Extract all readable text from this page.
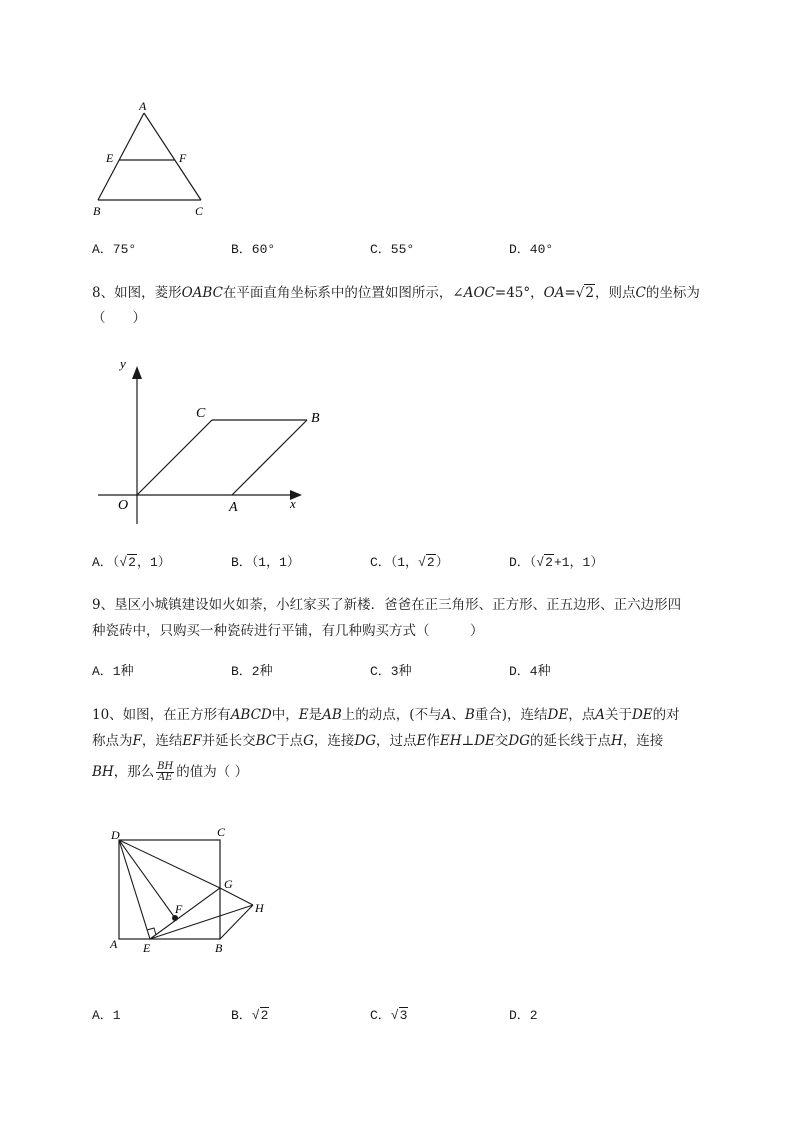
A
E	F
B	C
A．75°	B．60°	C．55°	D．40°
8、如图，菱形OABC在平面直角坐标系中的位置如图所示，∠AOC=45°，OA=√2，则点C的坐标为
（　　）
y
C	B
O	A	x
A．（√2，1）	B．（1，1）	C．（1，√2）	D．（√2+1，1）
9、垦区小城镇建设如火如荼，小红家买了新楼．爸爸在正三角形、正方形、正五边形、正六边形四
种瓷砖中，只购买一种瓷砖进行平铺，有几种购买方式（　　　）
A．1种	B．2种	C．3种	D．4种
10、如图，在正方形有ABCD中，E是AB上的动点，(不与A、B重合)，连结DE，点A关于DE的对
称点为F，连结EF并延长交BC于点G，连接DG，过点E作EH⊥DE交DG的延长线于点H，连接
BH，那么 $\frac{BH}{AE}$ 的值为（ ）
D	C
G
H
F
A E	B
A．1	B．√2	C．√3	D．2
